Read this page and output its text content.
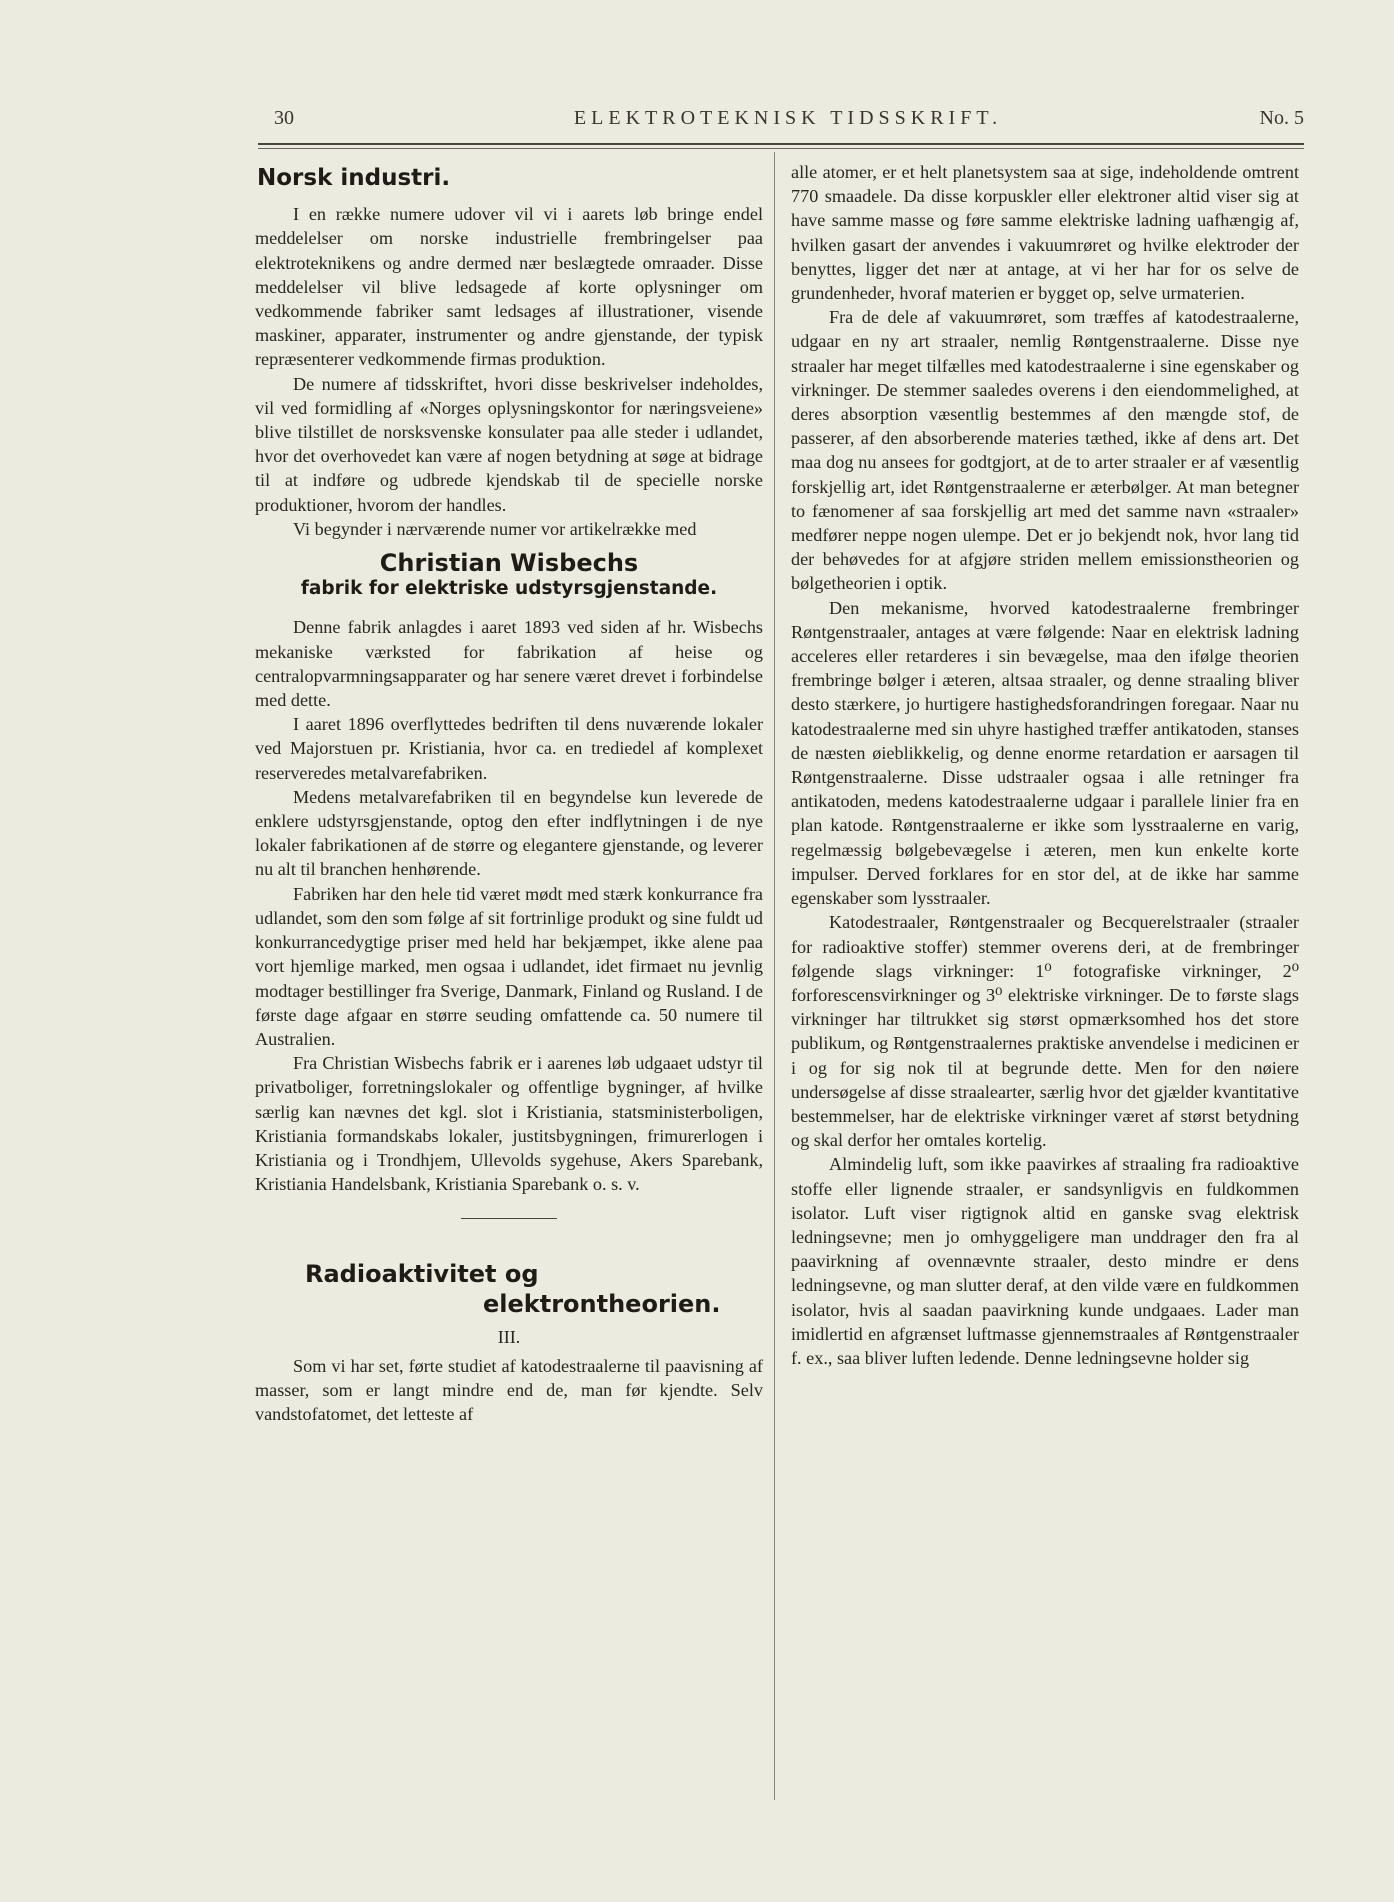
30	ELEKTROTEKNISK TIDSSKRIFT.	No. 5
Norsk industri.

I en række numere udover vil vi i aarets løb bringe endel meddelelser om norske industrielle frembringelser paa elektroteknikens og andre dermed nær beslægtede omraader. Disse meddelelser vil blive ledsagede af korte oplysninger om vedkommende fabriker samt ledsages af illustrationer, visende maskiner, apparater, instrumenter og andre gjenstande, der typisk repræsenterer vedkommende firmas produktion.

De numere af tidsskriftet, hvori disse beskrivelser indeholdes, vil ved formidling af «Norges oplysningskontor for næringsveiene» blive tilstillet de norsksvenske konsulater paa alle steder i udlandet, hvor det overhovedet kan være af nogen betydning at søge at bidrage til at indføre og udbrede kjendskab til de specielle norske produktioner, hvorom der handles.

Vi begynder i nærværende numer vor artikelrække med

Christian Wisbechs
fabrik for elektriske udstyrsgjenstande.

Denne fabrik anlagdes i aaret 1893 ved siden af hr. Wisbechs mekaniske værksted for fabrikation af heise og centralopvarmningsapparater og har senere været drevet i forbindelse med dette.

I aaret 1896 overflyttedes bedriften til dens nuværende lokaler ved Majorstuen pr. Kristiania, hvor ca. en trediedel af komplexet reserveredes metalvarefabriken.

Medens metalvarefabriken til en begyndelse kun leverede de enklere udstyrsgjenstande, optog den efter indflytningen i de nye lokaler fabrikationen af de større og elegantere gjenstande, og leverer nu alt til branchen henhørende.

Fabriken har den hele tid været mødt med stærk konkurrance fra udlandet, som den som følge af sit fortrinlige produkt og sine fuldt ud konkurrancedygtige priser med held har bekjæmpet, ikke alene paa vort hjemlige marked, men ogsaa i udlandet, idet firmaet nu jevnlig modtager bestillinger fra Sverige, Danmark, Finland og Rusland. I de første dage afgaar en større seuding omfattende ca. 50 numere til Australien.

Fra Christian Wisbechs fabrik er i aarenes løb udgaaet udstyr til privatboliger, forretningslokaler og offentlige bygninger, af hvilke særlig kan nævnes det kgl. slot i Kristiania, statsministerboligen, Kristiania formandskabs lokaler, justitsbygningen, frimurerlogen i Kristiania og i Trondhjem, Ullevolds sygehuse, Akers Sparebank, Kristiania Handelsbank, Kristiania Sparebank o. s. v.

Radioaktivitet og
elektrontheorien.
III.

Som vi har set, førte studiet af katodestraalerne til paavisning af masser, som er langt mindre end de, man før kjendte. Selv vandstofatomet, det letteste af

alle atomer, er et helt planetsystem saa at sige, indeholdende omtrent 770 smaadele. Da disse korpuskler eller elektroner altid viser sig at have samme masse og føre samme elektriske ladning uafhængig af, hvilken gasart der anvendes i vakuumrøret og hvilke elektroder der benyttes, ligger det nær at antage, at vi her har for os selve de grundenheder, hvoraf materien er bygget op, selve urmaterien.

Fra de dele af vakuumrøret, som træffes af katodestraalerne, udgaar en ny art straaler, nemlig Røntgenstraalerne. Disse nye straaler har meget tilfælles med katodestraalerne i sine egenskaber og virkninger. De stemmer saaledes overens i den eiendommelighed, at deres absorption væsentlig bestemmes af den mængde stof, de passerer, af den absorberende materies tæthed, ikke af dens art. Det maa dog nu ansees for godtgjort, at de to arter straaler er af væsentlig forskjellig art, idet Røntgenstraalerne er æterbølger. At man betegner to fænomener af saa forskjellig art med det samme navn «straaler» medfører neppe nogen ulempe. Det er jo bekjendt nok, hvor lang tid der behøvedes for at afgjøre striden mellem emissionstheorien og bølgetheorien i optik.

Den mekanisme, hvorved katodestraalerne frembringer Røntgenstraaler, antages at være følgende: Naar en elektrisk ladning acceleres eller retarderes i sin bevægelse, maa den ifølge theorien frembringe bølger i æteren, altsaa straaler, og denne straaling bliver desto stærkere, jo hurtigere hastighedsforandringen foregaar. Naar nu katodestraalerne med sin uhyre hastighed træffer antikatoden, stanses de næsten øieblikkelig, og denne enorme retardation er aarsagen til Røntgenstraalerne. Disse udstraaler ogsaa i alle retninger fra antikatoden, medens katodestraalerne udgaar i parallele linier fra en plan katode. Røntgenstraalerne er ikke som lysstraalerne en varig, regelmæssig bølgebevægelse i æteren, men kun enkelte korte impulser. Derved forklares for en stor del, at de ikke har samme egenskaber som lysstraaler.

Katodestraaler, Røntgenstraaler og Becquerelstraaler (straaler for radioaktive stoffer) stemmer overens deri, at de frembringer følgende slags virkninger: 1⁰ fotografiske virkninger, 2⁰ forforescensvirkninger og 3⁰ elektriske virkninger. De to første slags virkninger har tiltrukket sig størst opmærksomhed hos det store publikum, og Røntgenstraalernes praktiske anvendelse i medicinen er i og for sig nok til at begrunde dette. Men for den nøiere undersøgelse af disse straalearter, særlig hvor det gjælder kvantitative bestemmelser, har de elektriske virkninger været af størst betydning og skal derfor her omtales kortelig.

Almindelig luft, som ikke paavirkes af straaling fra radioaktive stoffe eller lignende straaler, er sandsynligvis en fuldkommen isolator. Luft viser rigtignok altid en ganske svag elektrisk ledningsevne; men jo omhyggeligere man unddrager den fra al paavirkning af ovennævnte straaler, desto mindre er dens ledningsevne, og man slutter deraf, at den vilde være en fuldkommen isolator, hvis al saadan paavirkning kunde undgaaes. Lader man imidlertid en afgrænset luftmasse gjennemstraales af Røntgenstraaler f. ex., saa bliver luften ledende. Denne ledningsevne holder sig
